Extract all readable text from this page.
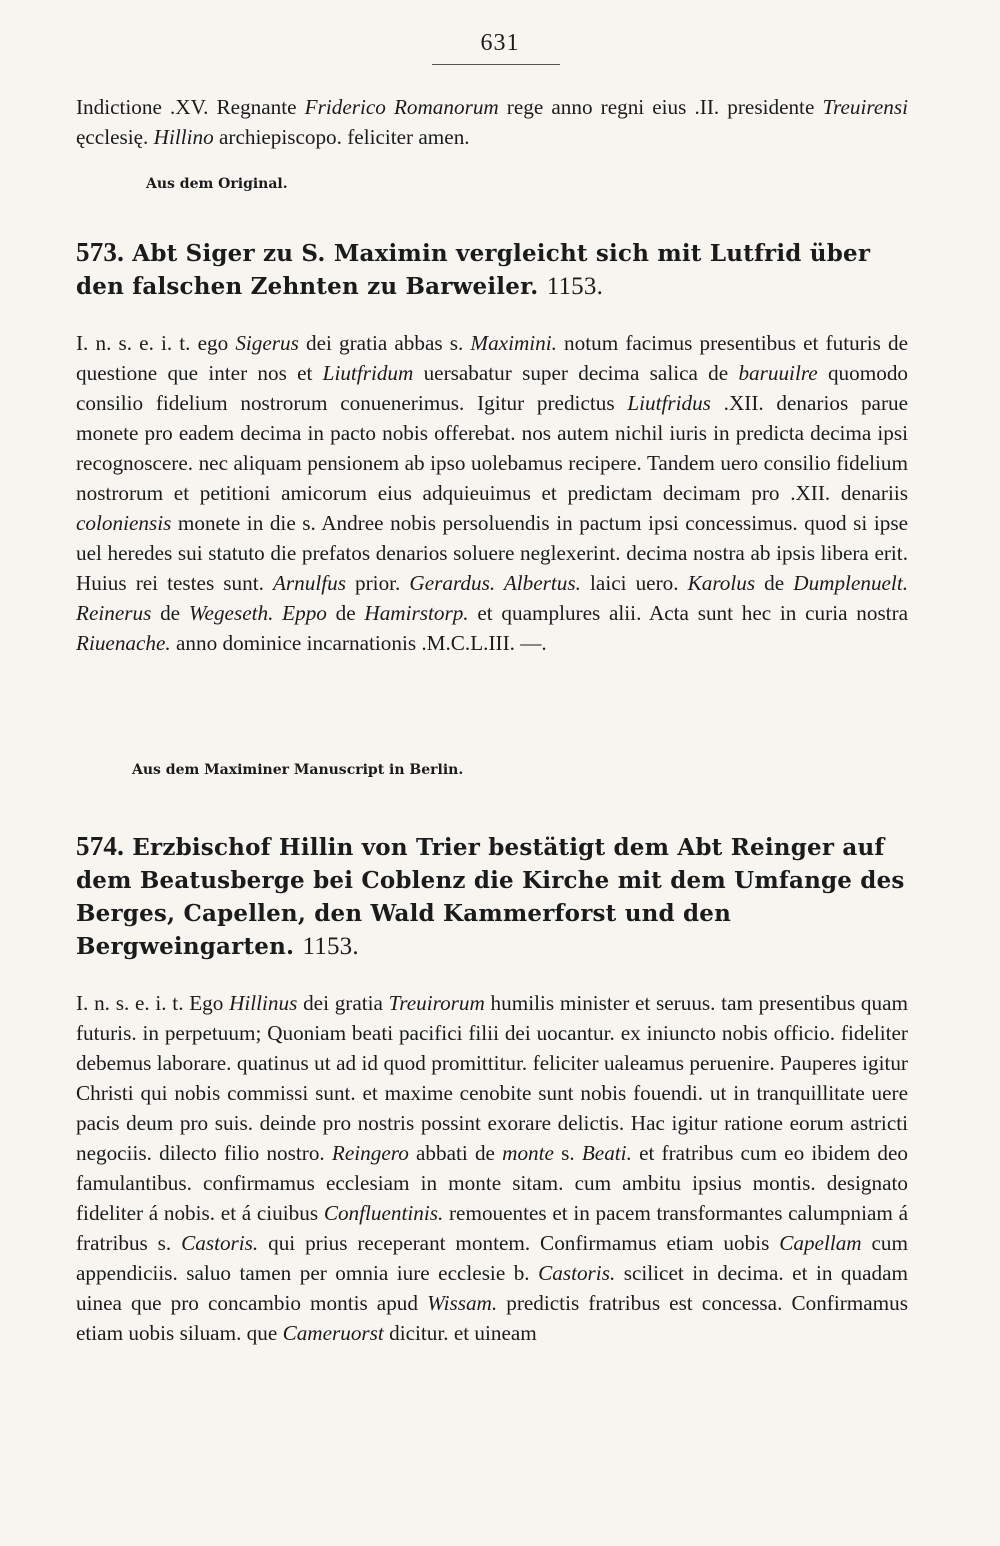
631

Indictione .XV. Regnante Friderico Romanorum rege anno regni eius .II. presidente Treuirensi ęcclesię. Hillino archiepiscopo. feliciter amen.

Aus dem Original.
573. Abt Siger zu S. Maximin vergleicht sich mit Lutfrid über den falschen Zehnten zu Barweiler. 1153.

I. n. s. e. i. t. ego Sigerus dei gratia abbas s. Maximini. notum facimus presentibus et futuris de questione que inter nos et Liutfridum uersabatur super decima salica de baruuilre quomodo consilio fidelium nostrorum conuenerimus. Igitur predictus Liutfridus .XII. denarios parue monete pro eadem decima in pacto nobis offerebat. nos autem nichil iuris in predicta decima ipsi recognoscere. nec aliquam pensionem ab ipso uolebamus recipere. Tandem uero consilio fidelium nostrorum et petitioni amicorum eius adquieuimus et predictam decimam pro .XII. denariis coloniensis monete in die s. Andree nobis persoluendis in pactum ipsi concessimus. quod si ipse uel heredes sui statuto die prefatos denarios soluere neglexerint. decima nostra ab ipsis libera erit. Huius rei testes sunt. Arnulfus prior. Gerardus. Albertus. laici uero. Karolus de Dumplenuelt. Reinerus de Wegeseth. Eppo de Hamirstorp. et quamplures alii. Acta sunt hec in curia nostra Riuenache. anno dominice incarnationis .M.C.L.III. —.

Aus dem Maximiner Manuscript in Berlin.
574. Erzbischof Hillin von Trier bestätigt dem Abt Reinger auf dem Beatusberge bei Coblenz die Kirche mit dem Umfange des Berges, Capellen, den Wald Kammerforst und den Bergweingarten. 1153.

I. n. s. e. i. t. Ego Hillinus dei gratia Treuirorum humilis minister et seruus. tam presentibus quam futuris. in perpetuum; Quoniam beati pacifici filii dei uocantur. ex iniuncto nobis officio. fideliter debemus laborare. quatinus ut ad id quod promittitur. feliciter ualeamus peruenire. Pauperes igitur Christi qui nobis commissi sunt. et maxime cenobite sunt nobis fouendi. ut in tranquillitate uere pacis deum pro suis. deinde pro nostris possint exorare delictis. Hac igitur ratione eorum astricti negociis. dilecto filio nostro. Reingero abbati de monte s. Beati. et fratribus cum eo ibidem deo famulantibus. confirmamus ecclesiam in monte sitam. cum ambitu ipsius montis. designato fideliter á nobis. et á ciuibus Confluentinis. remouentes et in pacem transformantes calumpniam á fratribus s. Castoris. qui prius receperant montem. Confirmamus etiam uobis Capellam cum appendiciis. saluo tamen per omnia iure ecclesie b. Castoris. scilicet in decima. et in quadam uinea que pro concambio montis apud Wissam. predictis fratribus est concessa. Confirmamus etiam uobis siluam. que Cameruorst dicitur. et uineam
